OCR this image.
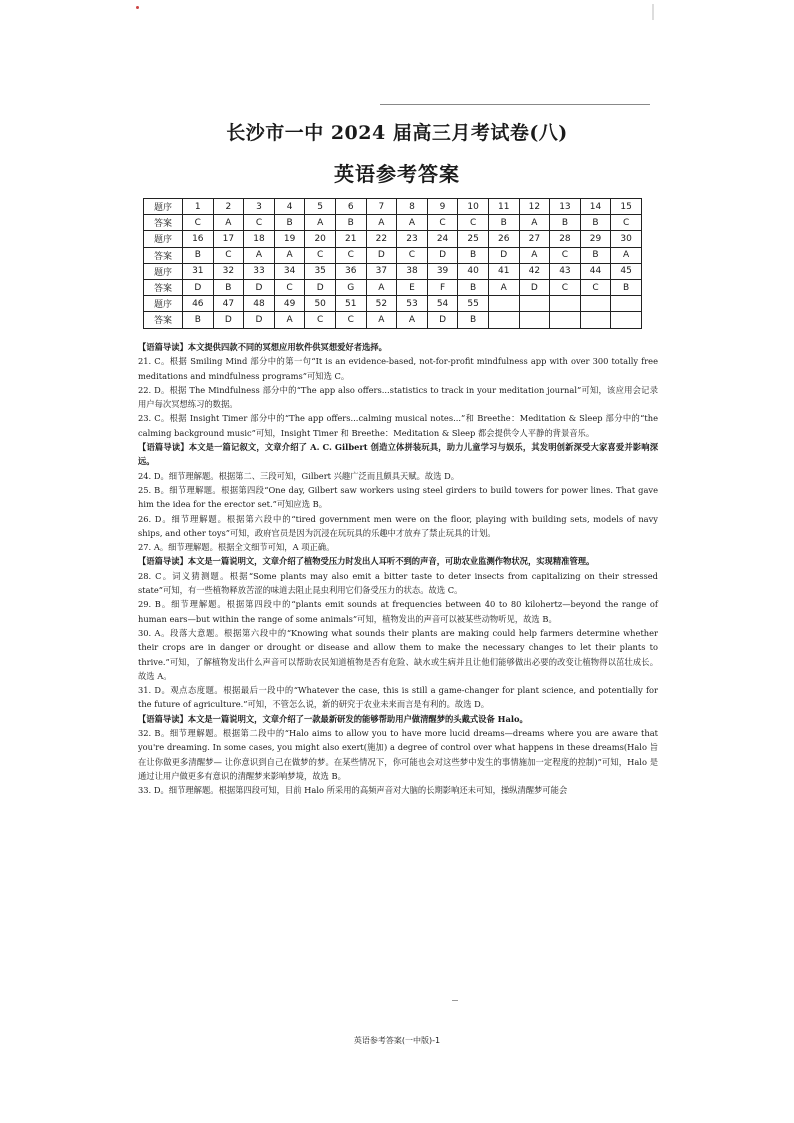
长沙市一中 2024 届高三月考试卷(八)
英语参考答案
题序	1	2	3	4	5	6	7	8	9	10	11	12	13	14	15
答案	C	A	C	B	A	B	A	A	C	C	B	A	B	B	C
题序	16	17	18	19	20	21	22	23	24	25	26	27	28	29	30
答案	B	C	A	A	C	C	D	C	D	B	D	A	C	B	A
题序	31	32	33	34	35	36	37	38	39	40	41	42	43	44	45
答案	D	B	D	C	D	G	A	E	F	B	A	D	C	C	B
题序	46	47	48	49	50	51	52	53	54	55					
答案	B	D	D	A	C	C	A	A	D	B					

【语篇导读】本文提供四款不同的冥想应用软件供冥想爱好者选择。

21. C。根据 Smiling Mind 部分中的第一句“It is an evidence-based, not-for-profit mindfulness app with over 300 totally free meditations and mindfulness programs”可知选 C。

22. D。根据 The Mindfulness 部分中的“The app also offers...statistics to track in your meditation journal”可知，该应用会记录用户每次冥想练习的数据。

23. C。根据 Insight Timer 部分中的“The app offers...calming musical notes...”和 Breethe：Meditation & Sleep 部分中的“the calming background music”可知，Insight Timer 和 Breethe：Meditation & Sleep 都会提供令人平静的背景音乐。

【语篇导读】本文是一篇记叙文，文章介绍了 A. C. Gilbert 创造立体拼装玩具，助力儿童学习与娱乐，其发明创新深受大家喜爱并影响深远。

24. D。细节理解题。根据第二、三段可知，Gilbert 兴趣广泛而且颇具天赋。故选 D。

25. B。细节理解题。根据第四段“One day, Gilbert saw workers using steel girders to build towers for power lines. That gave him the idea for the erector set.”可知应选 B。

26. D。细节理解题。根据第六段中的“tired government men were on the floor, playing with building sets, models of navy ships, and other toys”可知，政府官员是因为沉浸在玩玩具的乐趣中才放弃了禁止玩具的计划。

27. A。细节理解题。根据全文细节可知，A 项正确。

【语篇导读】本文是一篇说明文，文章介绍了植物受压力时发出人耳听不到的声音，可助农业监测作物状况，实现精准管理。

28. C。词义猜测题。根据“Some plants may also emit a bitter taste to deter insects from capitalizing on their stressed state”可知，有一些植物释放苦涩的味道去阻止昆虫利用它们备受压力的状态。故选 C。

29. B。细节理解题。根据第四段中的“plants emit sounds at frequencies between 40 to 80 kilohertz—beyond the range of human ears—but within the range of some animals”可知，植物发出的声音可以被某些动物听见，故选 B。

30. A。段落大意题。根据第六段中的“Knowing what sounds their plants are making could help farmers determine whether their crops are in danger or drought or disease and allow them to make the necessary changes to let their plants to thrive.”可知，了解植物发出什么声音可以帮助农民知道植物是否有危险、缺水或生病并且让他们能够做出必要的改变让植物得以茁壮成长。故选 A。

31. D。观点态度题。根据最后一段中的“Whatever the case, this is still a game-changer for plant science, and potentially for the future of agriculture.”可知，不管怎么说，新的研究于农业未来而言是有利的。故选 D。

【语篇导读】本文是一篇说明文，文章介绍了一款最新研发的能够帮助用户做清醒梦的头戴式设备 Halo。

32. B。细节理解题。根据第二段中的“Halo aims to allow you to have more lucid dreams—dreams where you are aware that you're dreaming. In some cases, you might also exert(施加) a degree of control over what happens in these dreams(Halo 旨在让你做更多清醒梦— 让你意识到自己在做梦的梦。在某些情况下，你可能也会对这些梦中发生的事情施加一定程度的控制)”可知，Halo 是通过让用户做更多有意识的清醒梦来影响梦境，故选 B。

33. D。细节理解题。根据第四段可知，目前 Halo 所采用的高频声音对大脑的长期影响还未可知，操纵清醒梦可能会

英语参考答案(一中版)-1
